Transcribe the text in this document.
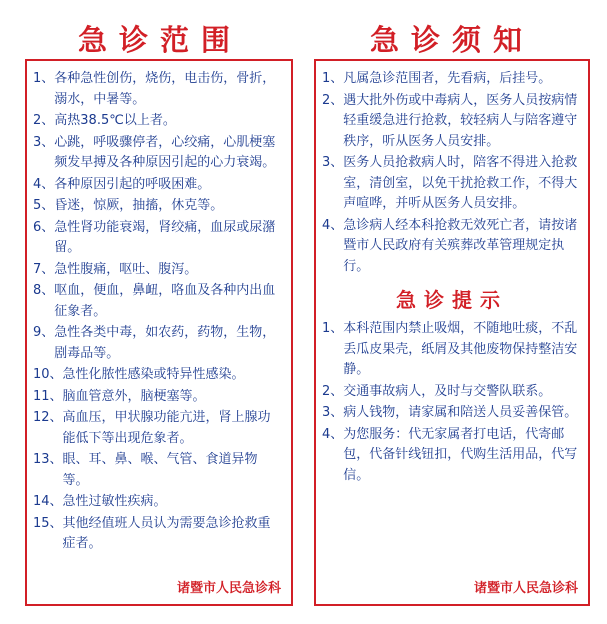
急诊范围	急诊须知
1、 各种急性创伤，烧伤，电击伤，骨折，溺水，中暑等。
2、 高热38.5℃以上者。
3、 心跳，呼吸骤停者，心绞痛，心肌梗塞频发早搏及各种原因引起的心力衰竭。
4、 各种原因引起的呼吸困难。
5、 昏迷，惊厥，抽搐，休克等。
6、 急性肾功能衰竭，肾绞痛，血尿或尿潴留。
7、 急性腹痛，呕吐、腹泻。
8、 呕血，便血，鼻衄，咯血及各种内出血征象者。
9、 急性各类中毒，如农药，药物，生物，剧毒品等。
10、 急性化脓性感染或特异性感染。
11、 脑血管意外，脑梗塞等。
12、 高血压，甲状腺功能亢进，肾上腺功能低下等出现危象者。
13、 眼、耳、鼻、喉、气管、食道异物等。
14、 急性过敏性疾病。
15、 其他经值班人员认为需要急诊抢救重症者。
诸暨市人民急诊科
1、 凡属急诊范围者，先看病，后挂号。
2、 遇大批外伤或中毒病人，医务人员按病情轻重缓急进行抢救，较轻病人与陪客遵守秩序，听从医务人员安排。
3、 医务人员抢救病人时，陪客不得进入抢救室，清创室，以免干扰抢救工作，不得大声喧哗，并听从医务人员安排。
4、 急诊病人经本科抢救无效死亡者，请按诸暨市人民政府有关殡葬改革管理规定执行。
急诊提示
1、 本科范围内禁止吸烟，不随地吐痰，不乱丢瓜皮果壳，纸屑及其他废物保持整洁安静。
2、 交通事故病人，及时与交警队联系。
3、 病人钱物，请家属和陪送人员妥善保管。
4、 为您服务：代无家属者打电话，代寄邮包，代备针线钮扣，代购生活用品，代写信。
诸暨市人民急诊科
